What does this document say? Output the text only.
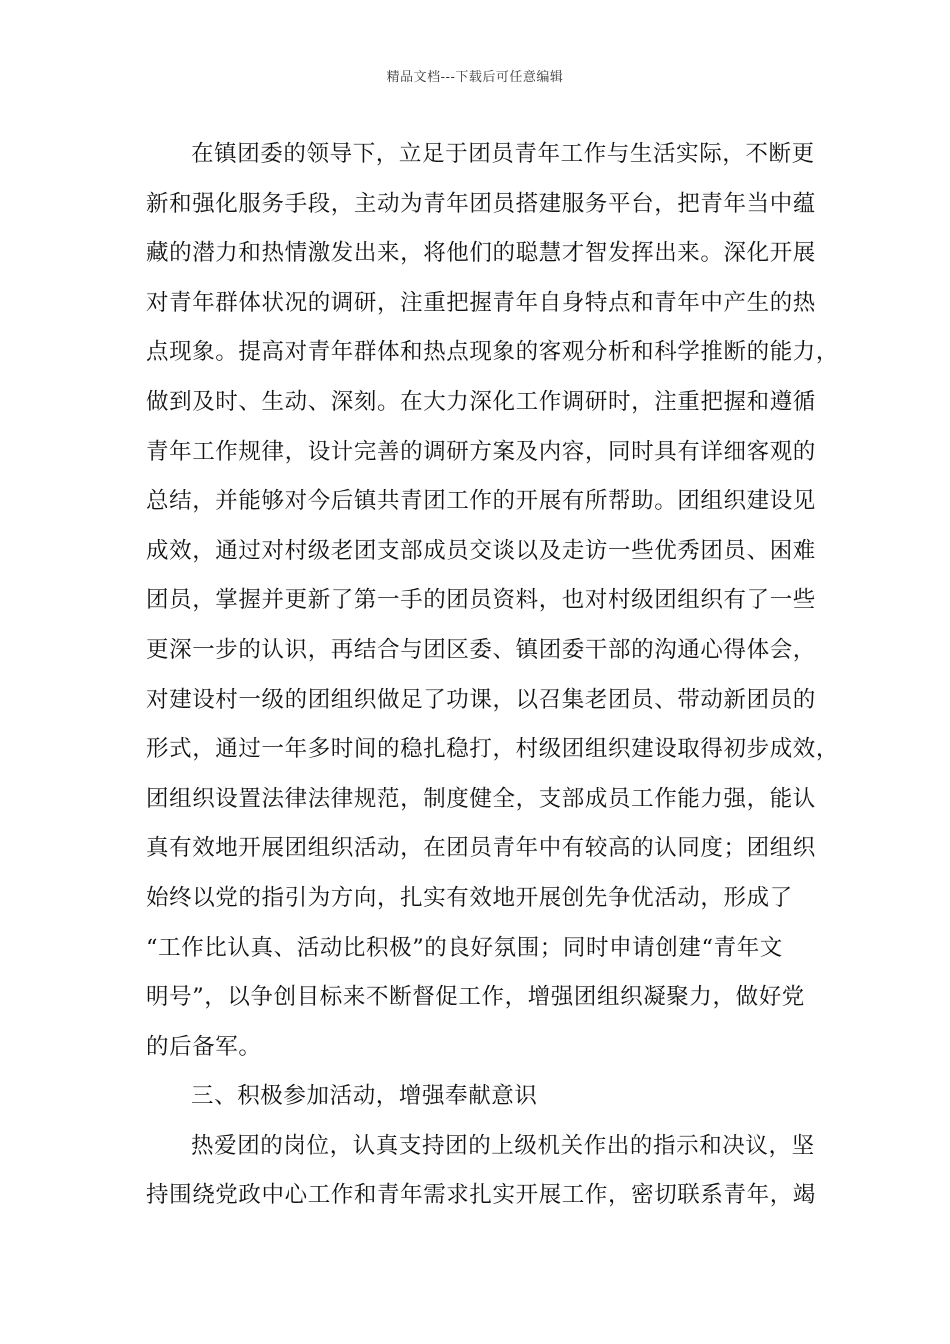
精品文档---下载后可任意编辑
在镇团委的领导下，立足于团员青年工作与生活实际，不断更
新和强化服务手段，主动为青年团员搭建服务平台，把青年当中蕴
藏的潜力和热情激发出来，将他们的聪慧才智发挥出来。深化开展
对青年群体状况的调研，注重把握青年自身特点和青年中产生的热
点现象。提高对青年群体和热点现象的客观分析和科学推断的能力，
做到及时、生动、深刻。在大力深化工作调研时，注重把握和遵循
青年工作规律，设计完善的调研方案及内容，同时具有详细客观的
总结，并能够对今后镇共青团工作的开展有所帮助。团组织建设见
成效，通过对村级老团支部成员交谈以及走访一些优秀团员、困难
团员，掌握并更新了第一手的团员资料，也对村级团组织有了一些
更深一步的认识，再结合与团区委、镇团委干部的沟通心得体会，
对建设村一级的团组织做足了功课，以召集老团员、带动新团员的
形式，通过一年多时间的稳扎稳打，村级团组织建设取得初步成效，
团组织设置法律法律规范，制度健全，支部成员工作能力强，能认
真有效地开展团组织活动，在团员青年中有较高的认同度；团组织
始终以党的指引为方向，扎实有效地开展创先争优活动，形成了
“工作比认真、活动比积极”的良好氛围；同时申请创建“青年文
明号”，以争创目标来不断督促工作，增强团组织凝聚力，做好党
的后备军。
三、积极参加活动，增强奉献意识
热爱团的岗位，认真支持团的上级机关作出的指示和决议，坚
持围绕党政中心工作和青年需求扎实开展工作，密切联系青年，竭
